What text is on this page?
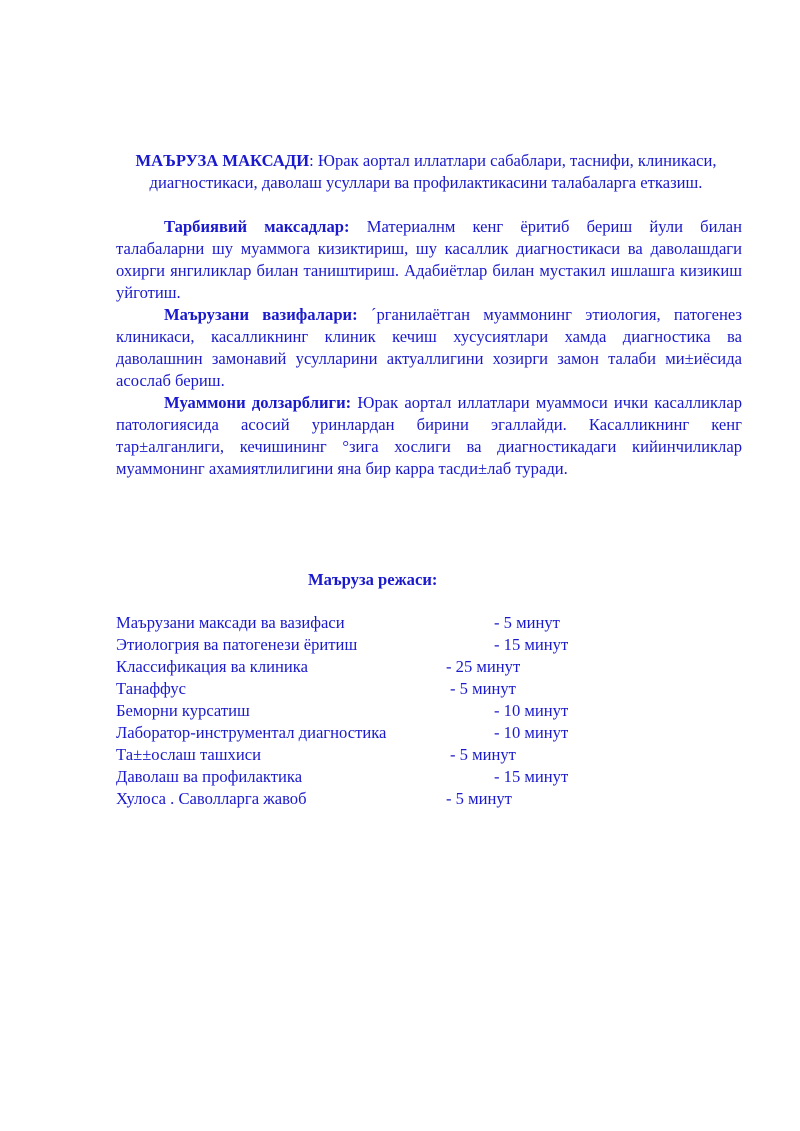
МАЪРУЗА МАКСАДИ: Юрак аортал иллатлари сабаблари, таснифи, клиникаси, диагностикаси, даволаш усуллари ва профилактикасини талабаларга етказиш.
Тарбиявий максадлар: Материалнм кенг ёритиб бериш йули билан талабаларни шу муаммога кизиктириш, шу касаллик диагностикаси ва даволашдаги охирги янгиликлар билан таништириш. Адабиётлар билан мустакил ишлашга кизикиш уйготиш.
Маърузани вазифалари: ´рганилаётган муаммонинг этиология, патогенез клиникаси, касалликнинг клиник кечиш хусусиятлари хамда диагностика ва даволашнин замонавий усулларини актуаллигини хозирги замон талаби ми±иёсида асослаб бериш.
Муаммони долзарблиги: Юрак аортал иллатлари муаммоси ички касалликлар патологиясида асосий уринлардан бирини эгаллайди. Касалликнинг кенг тар±алганлиги, кечишининг °зига хослиги ва диагностикадаги кийинчиликлар муаммонинг ахамиятлилигини яна бир карра тасди±лаб туради.
Маъруза режаси:
Маърузани максади ва вазифаси	- 5 минут
Этиологрия ва патогенези ёритиш	- 15 минут
Классификация ва клиника	- 25 минут
Танаффус	- 5 минут
Беморни курсатиш	- 10 минут
Лаборатор-инструментал диагностика	- 10 минут
Та±±ослаш ташхиси	- 5 минут
Даволаш ва профилактика	- 15 минут
Хулоса . Саволларга жавоб	- 5 минут
